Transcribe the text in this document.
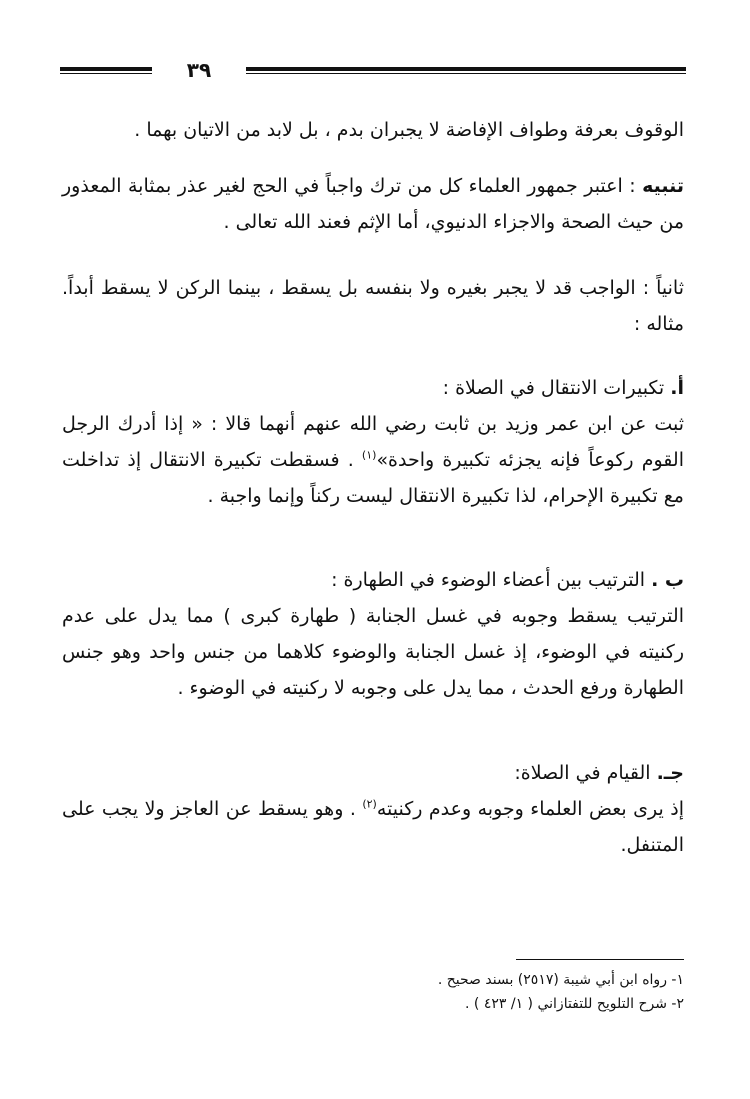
٣٩

الوقوف بعرفة وطواف الإفاضة لا يجبران بدم ، بل لابد من الاتيان بهما .

تنبيه : اعتبر جمهور العلماء كل من ترك واجباً في الحج لغير عذر بمثابة المعذور من حيث الصحة والاجزاء الدنيوي، أما الإثم فعند الله تعالى .

ثانياً : الواجب قد لا يجبر بغيره ولا بنفسه بل يسقط ، بينما الركن لا يسقط أبداً. مثاله :

أ. تكبيرات الانتقال في الصلاة :

ثبت عن ابن عمر وزيد بن ثابت رضي الله عنهم أنهما قالا : « إذا أدرك الرجل القوم ركوعاً فإنه يجزئه تكبيرة واحدة»$^{(١)}$ . فسقطت تكبيرة الانتقال إذ تداخلت مع تكبيرة الإحرام، لذا تكبيرة الانتقال ليست ركناً وإنما واجبة .

ب . الترتيب بين أعضاء الوضوء في الطهارة :

الترتيب يسقط وجوبه في غسل الجنابة ( طهارة كبرى ) مما يدل على عدم ركنيته في الوضوء، إذ غسل الجنابة والوضوء كلاهما من جنس واحد وهو جنس الطهارة ورفع الحدث ، مما يدل على وجوبه لا ركنيته في الوضوء .

جـ. القيام في الصلاة:

إذ يرى بعض العلماء وجوبه وعدم ركنيته$^{(٢)}$ . وهو يسقط عن العاجز ولا يجب على المتنفل.

١- رواه ابن أبي شيبة (٢٥١٧) بسند صحيح .

٢- شرح التلويح للتفتازاني ( ١/ ٤٢٣ ) .
